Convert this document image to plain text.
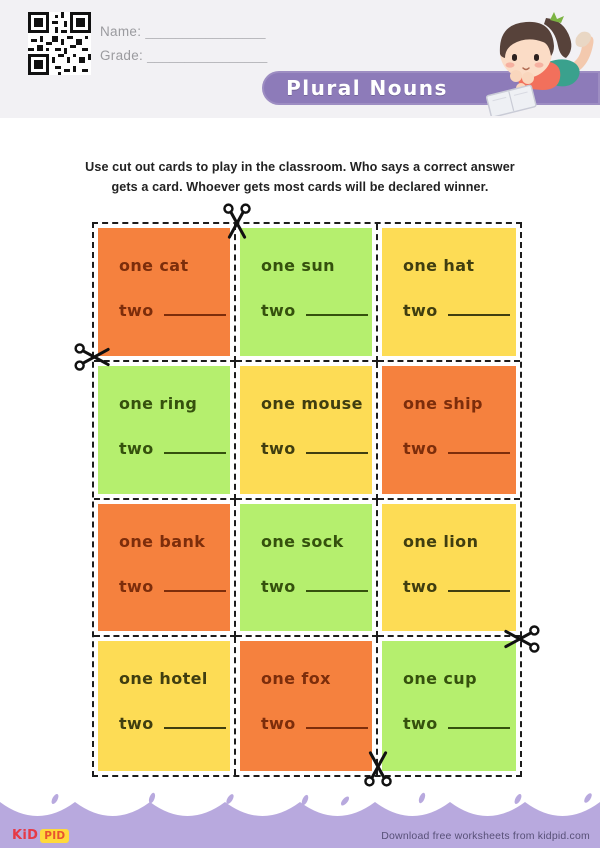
Name: ________________
Grade: ________________
Plural Nouns
Use cut out cards to play in the classroom. Who says a correct answer
gets a card. Whoever gets most cards will be declared winner.
one cat
two
one sun
two
one hat
two
one ring
two
one mouse
two
one ship
two
one bank
two
one sock
two
one lion
two
one hotel
two
one fox
two
one cup
two
KiD PID	Download free worksheets from kidpid.com
